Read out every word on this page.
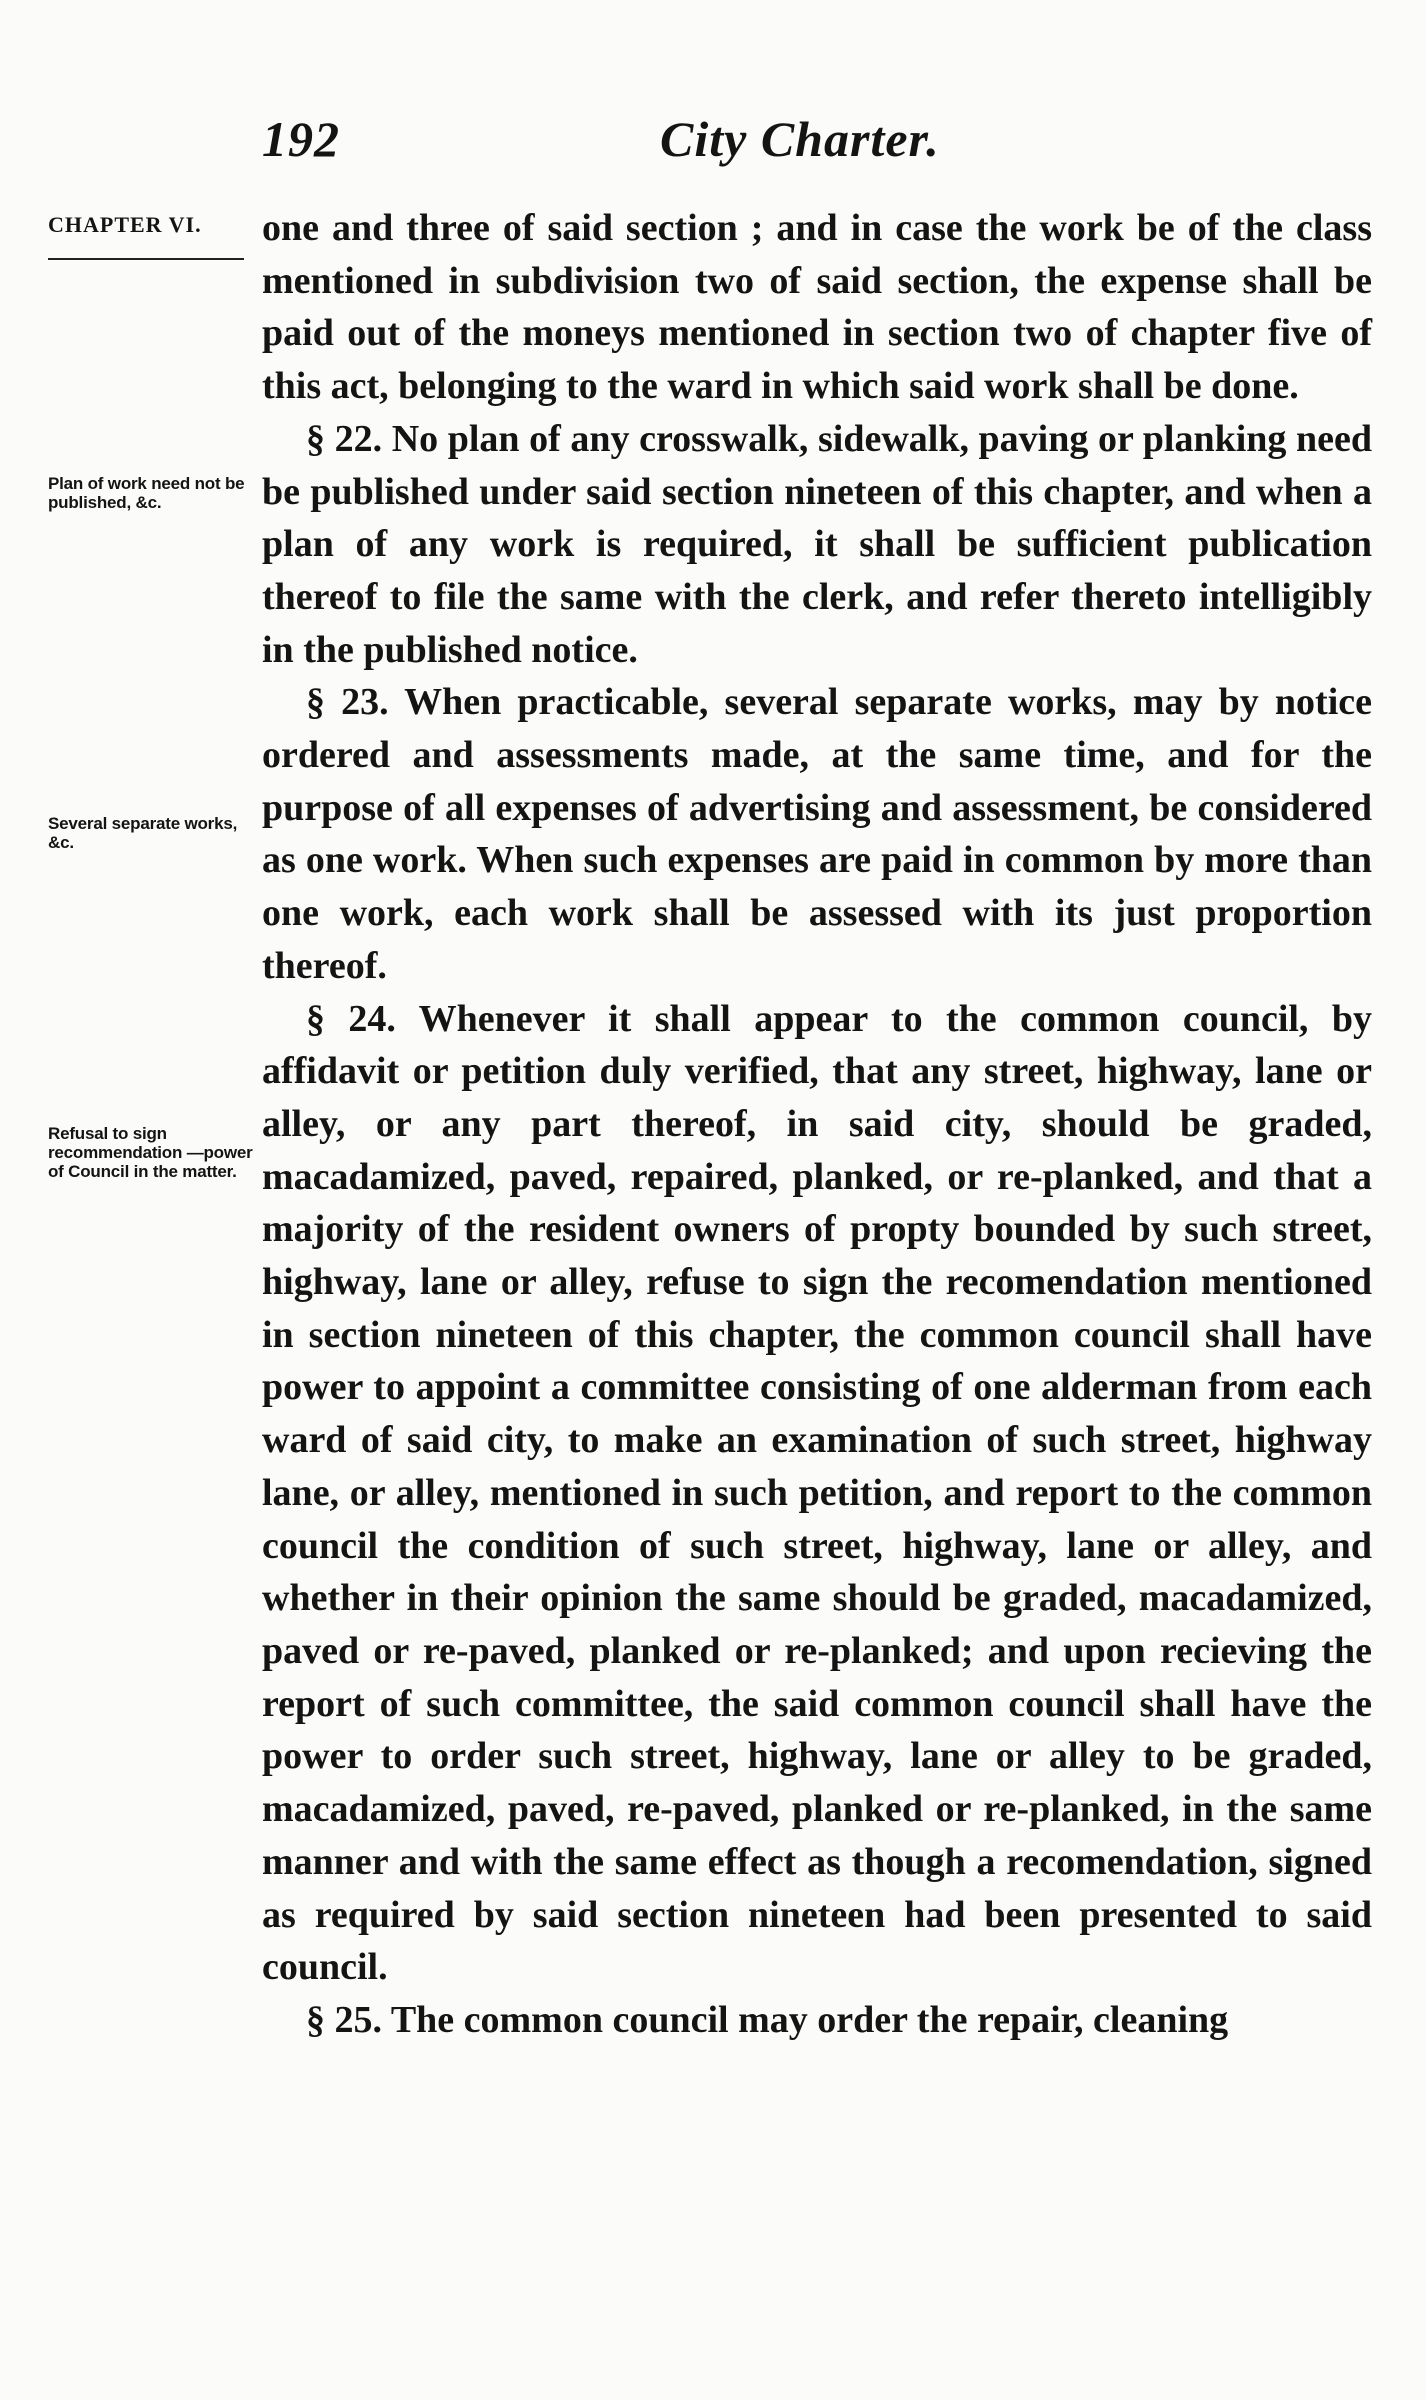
192	City Charter.
CHAPTER VI.
Plan of work need not be published, &c.
Several separate works, &c.
Refusal to sign recommendation —power of Council in the matter.

one and three of said section ; and in case the work be of the class mentioned in subdivision two of said section, the expense shall be paid out of the moneys mentioned in section two of chapter five of this act, belonging to the ward in which said work shall be done.

§ 22. No plan of any crosswalk, sidewalk, paving or planking need be published under said section nineteen of this chapter, and when a plan of any work is required, it shall be sufficient publication thereof to file the same with the clerk, and refer thereto intelligibly in the published notice.

§ 23. When practicable, several separate works, may by notice ordered and assessments made, at the same time, and for the purpose of all expenses of advertising and assessment, be considered as one work. When such expenses are paid in common by more than one work, each work shall be assessed with its just proportion thereof.

§ 24. Whenever it shall appear to the common council, by affidavit or petition duly verified, that any street, highway, lane or alley, or any part thereof, in said city, should be graded, macadamized, paved, repaired, planked, or re-planked, and that a majority of the resident owners of propty bounded by such street, highway, lane or alley, refuse to sign the recomendation mentioned in section nineteen of this chapter, the common council shall have power to appoint a committee consisting of one alderman from each ward of said city, to make an examination of such street, highway lane, or alley, mentioned in such petition, and report to the common council the condition of such street, highway, lane or alley, and whether in their opinion the same should be graded, macadamized, paved or re-paved, planked or re-planked; and upon recieving the report of such committee, the said common council shall have the power to order such street, highway, lane or alley to be graded, macadamized, paved, re-paved, planked or re-planked, in the same manner and with the same effect as though a recomendation, signed as required by said section nineteen had been presented to said council.

§ 25. The common council may order the repair, cleaning
